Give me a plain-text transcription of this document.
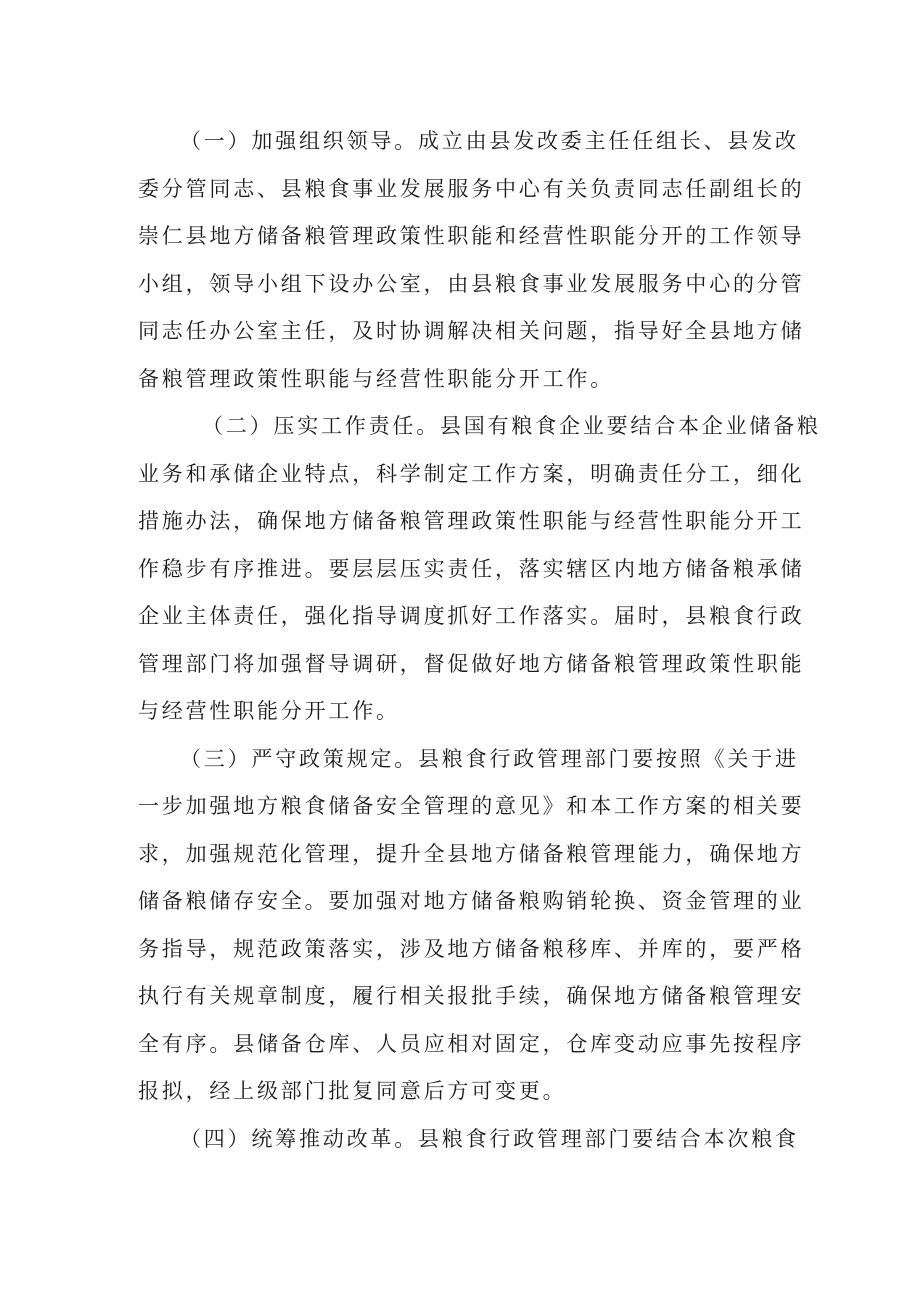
（一）加强组织领导。成立由县发改委主任任组长、县发改
委分管同志、县粮食事业发展服务中心有关负责同志任副组长的
崇仁县地方储备粮管理政策性职能和经营性职能分开的工作领导
小组，领导小组下设办公室，由县粮食事业发展服务中心的分管
同志任办公室主任，及时协调解决相关问题，指导好全县地方储
备粮管理政策性职能与经营性职能分开工作。
（二）压实工作责任。县国有粮食企业要结合本企业储备粮
业务和承储企业特点，科学制定工作方案，明确责任分工，细化
措施办法，确保地方储备粮管理政策性职能与经营性职能分开工
作稳步有序推进。要层层压实责任，落实辖区内地方储备粮承储
企业主体责任，强化指导调度抓好工作落实。届时，县粮食行政
管理部门将加强督导调研，督促做好地方储备粮管理政策性职能
与经营性职能分开工作。
（三）严守政策规定。县粮食行政管理部门要按照《关于进
一步加强地方粮食储备安全管理的意见》和本工作方案的相关要
求，加强规范化管理，提升全县地方储备粮管理能力，确保地方
储备粮储存安全。要加强对地方储备粮购销轮换、资金管理的业
务指导，规范政策落实，涉及地方储备粮移库、并库的，要严格
执行有关规章制度，履行相关报批手续，确保地方储备粮管理安
全有序。县储备仓库、人员应相对固定，仓库变动应事先按程序
报拟，经上级部门批复同意后方可变更。
（四）统筹推动改革。县粮食行政管理部门要结合本次粮食
